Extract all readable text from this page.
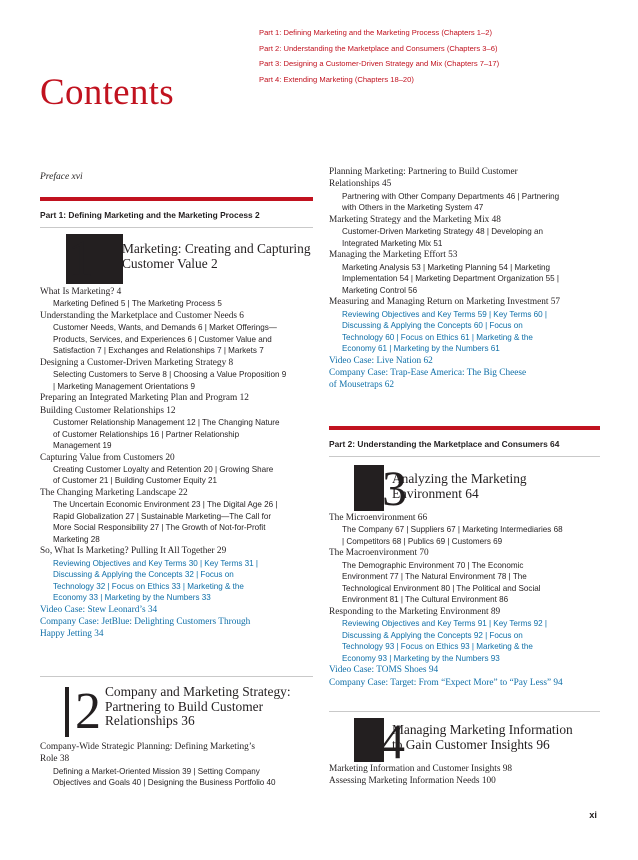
Contents
Part 1: Defining Marketing and the Marketing Process (Chapters 1–2)
Part 2: Understanding the Marketplace and Consumers (Chapters 3–6)
Part 3: Designing a Customer-Driven Strategy and Mix (Chapters 7–17)
Part 4: Extending Marketing (Chapters 18–20)
Preface xvi
Part 1: Defining Marketing and the Marketing Process 2
1 Marketing: Creating and Capturing
Customer Value 2
What Is Marketing? 4
Marketing Defined 5 | The Marketing Process 5
Understanding the Marketplace and Customer Needs 6
Customer Needs, Wants, and Demands 6 | Market Offerings—
Products, Services, and Experiences 6 | Customer Value and
Satisfaction 7 | Exchanges and Relationships 7 | Markets 7
Designing a Customer-Driven Marketing Strategy 8
Selecting Customers to Serve 8 | Choosing a Value Proposition 9
| Marketing Management Orientations 9
Preparing an Integrated Marketing Plan and Program 12
Building Customer Relationships 12
Customer Relationship Management 12 | The Changing Nature
of Customer Relationships 16 | Partner Relationship
Management 19
Capturing Value from Customers 20
Creating Customer Loyalty and Retention 20 | Growing Share
of Customer 21 | Building Customer Equity 21
The Changing Marketing Landscape 22
The Uncertain Economic Environment 23 | The Digital Age 26 |
Rapid Globalization 27 | Sustainable Marketing—The Call for
More Social Responsibility 27 | The Growth of Not-for-Profit
Marketing 28
So, What Is Marketing? Pulling It All Together 29
Reviewing Objectives and Key Terms 30 | Key Terms 31 |
Discussing & Applying the Concepts 32 | Focus on
Technology 32 | Focus on Ethics 33 | Marketing & the
Economy 33 | Marketing by the Numbers 33
Video Case: Stew Leonard’s 34
Company Case: JetBlue: Delighting Customers Through
Happy Jetting 34
2 Company and Marketing Strategy:
Partnering to Build Customer
Relationships 36
Company-Wide Strategic Planning: Defining Marketing’s
Role 38
Defining a Market-Oriented Mission 39 | Setting Company
Objectives and Goals 40 | Designing the Business Portfolio 40
Planning Marketing: Partnering to Build Customer
Relationships 45
Partnering with Other Company Departments 46 | Partnering
with Others in the Marketing System 47
Marketing Strategy and the Marketing Mix 48
Customer-Driven Marketing Strategy 48 | Developing an
Integrated Marketing Mix 51
Managing the Marketing Effort 53
Marketing Analysis 53 | Marketing Planning 54 | Marketing
Implementation 54 | Marketing Department Organization 55 |
Marketing Control 56
Measuring and Managing Return on Marketing Investment 57
Reviewing Objectives and Key Terms 59 | Key Terms 60 |
Discussing & Applying the Concepts 60 | Focus on
Technology 60 | Focus on Ethics 61 | Marketing & the
Economy 61 | Marketing by the Numbers 61
Video Case: Live Nation 62
Company Case: Trap-Ease America: The Big Cheese
of Mousetraps 62
Part 2: Understanding the Marketplace and Consumers 64
3
Analyzing the Marketing
Environment 64
The Microenvironment 66
The Company 67 | Suppliers 67 | Marketing Intermediaries 68
| Competitors 68 | Publics 69 | Customers 69
The Macroenvironment 70
The Demographic Environment 70 | The Economic
Environment 77 | The Natural Environment 78 | The
Technological Environment 80 | The Political and Social
Environment 81 | The Cultural Environment 86
Responding to the Marketing Environment 89
Reviewing Objectives and Key Terms 91 | Key Terms 92 |
Discussing & Applying the Concepts 92 | Focus on
Technology 93 | Focus on Ethics 93 | Marketing & the
Economy 93 | Marketing by the Numbers 93
Video Case: TOMS Shoes 94
Company Case: Target: From “Expect More” to “Pay Less” 94
4
Managing Marketing Information
to Gain Customer Insights 96
Marketing Information and Customer Insights 98
Assessing Marketing Information Needs 100
xi
